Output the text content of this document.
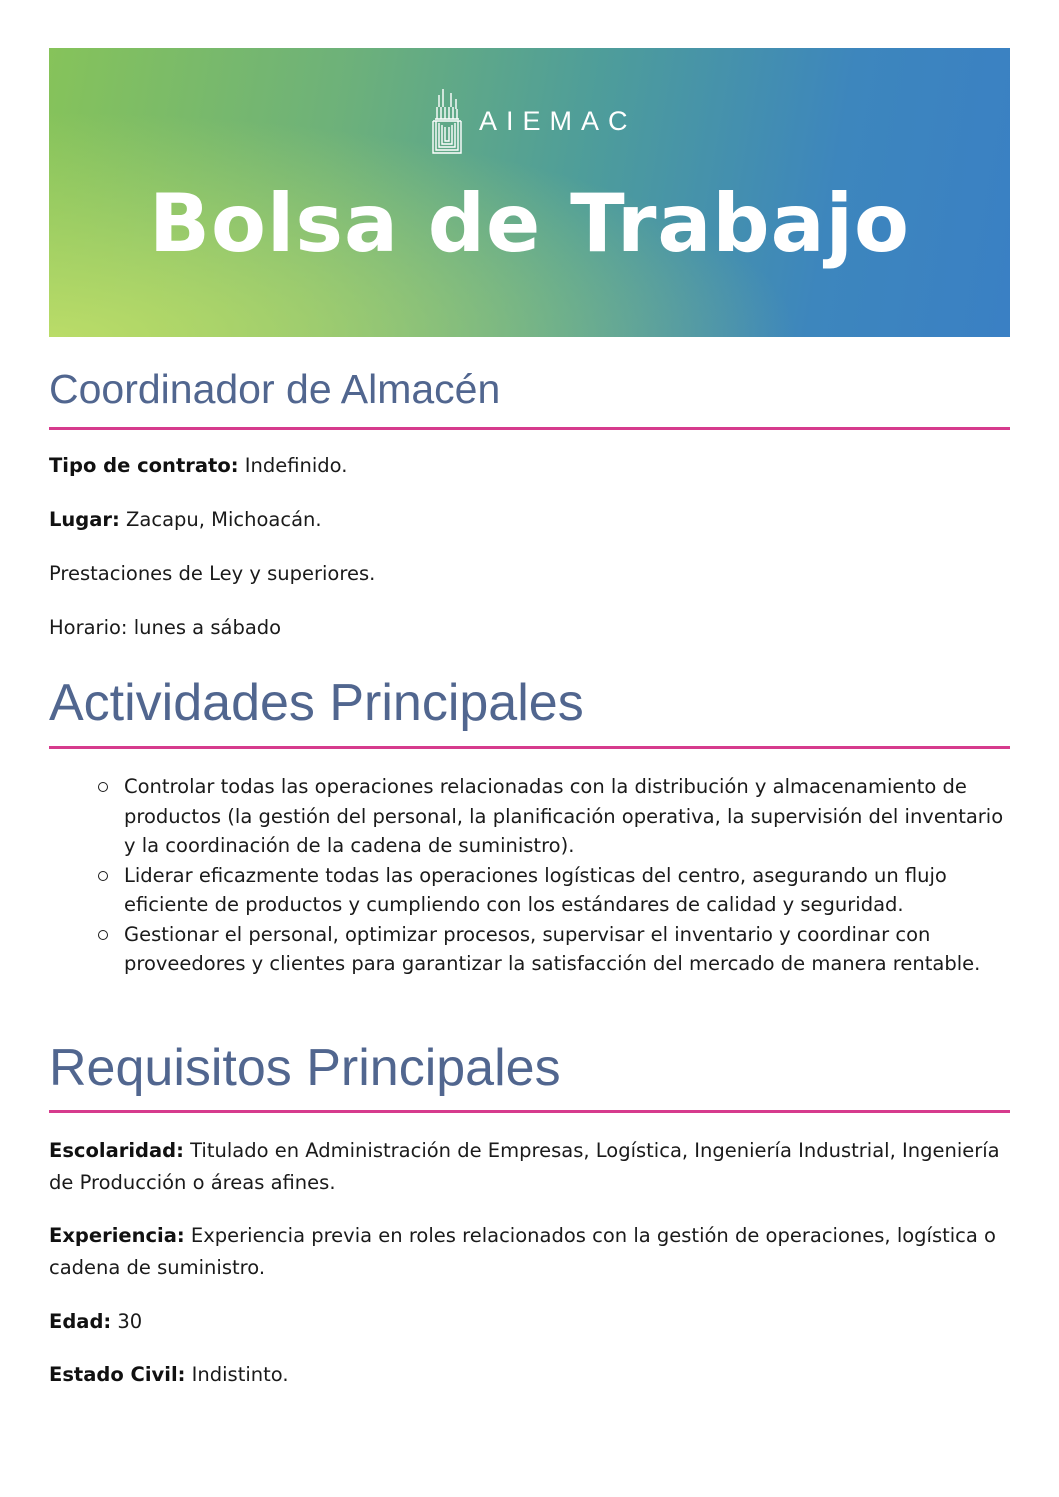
AIEMAC
Bolsa de Trabajo
Coordinador de Almacén
Tipo de contrato: Indefinido.
Lugar: Zacapu, Michoacán.
Prestaciones de Ley y superiores.
Horario: lunes a sábado
Actividades Principales
Controlar todas las operaciones relacionadas con la distribución y almacenamiento de productos (la gestión del personal, la planificación operativa, la supervisión del inventario y la coordinación de la cadena de suministro).
Liderar eficazmente todas las operaciones logísticas del centro, asegurando un flujo eficiente de productos y cumpliendo con los estándares de calidad y seguridad.
Gestionar el personal, optimizar procesos, supervisar el inventario y coordinar con proveedores y clientes para garantizar la satisfacción del mercado de manera rentable.
Requisitos Principales
Escolaridad: Titulado en Administración de Empresas, Logística, Ingeniería Industrial, Ingeniería de Producción o áreas afines.
Experiencia: Experiencia previa en roles relacionados con la gestión de operaciones, logística o cadena de suministro.
Edad: 30
Estado Civil: Indistinto.
